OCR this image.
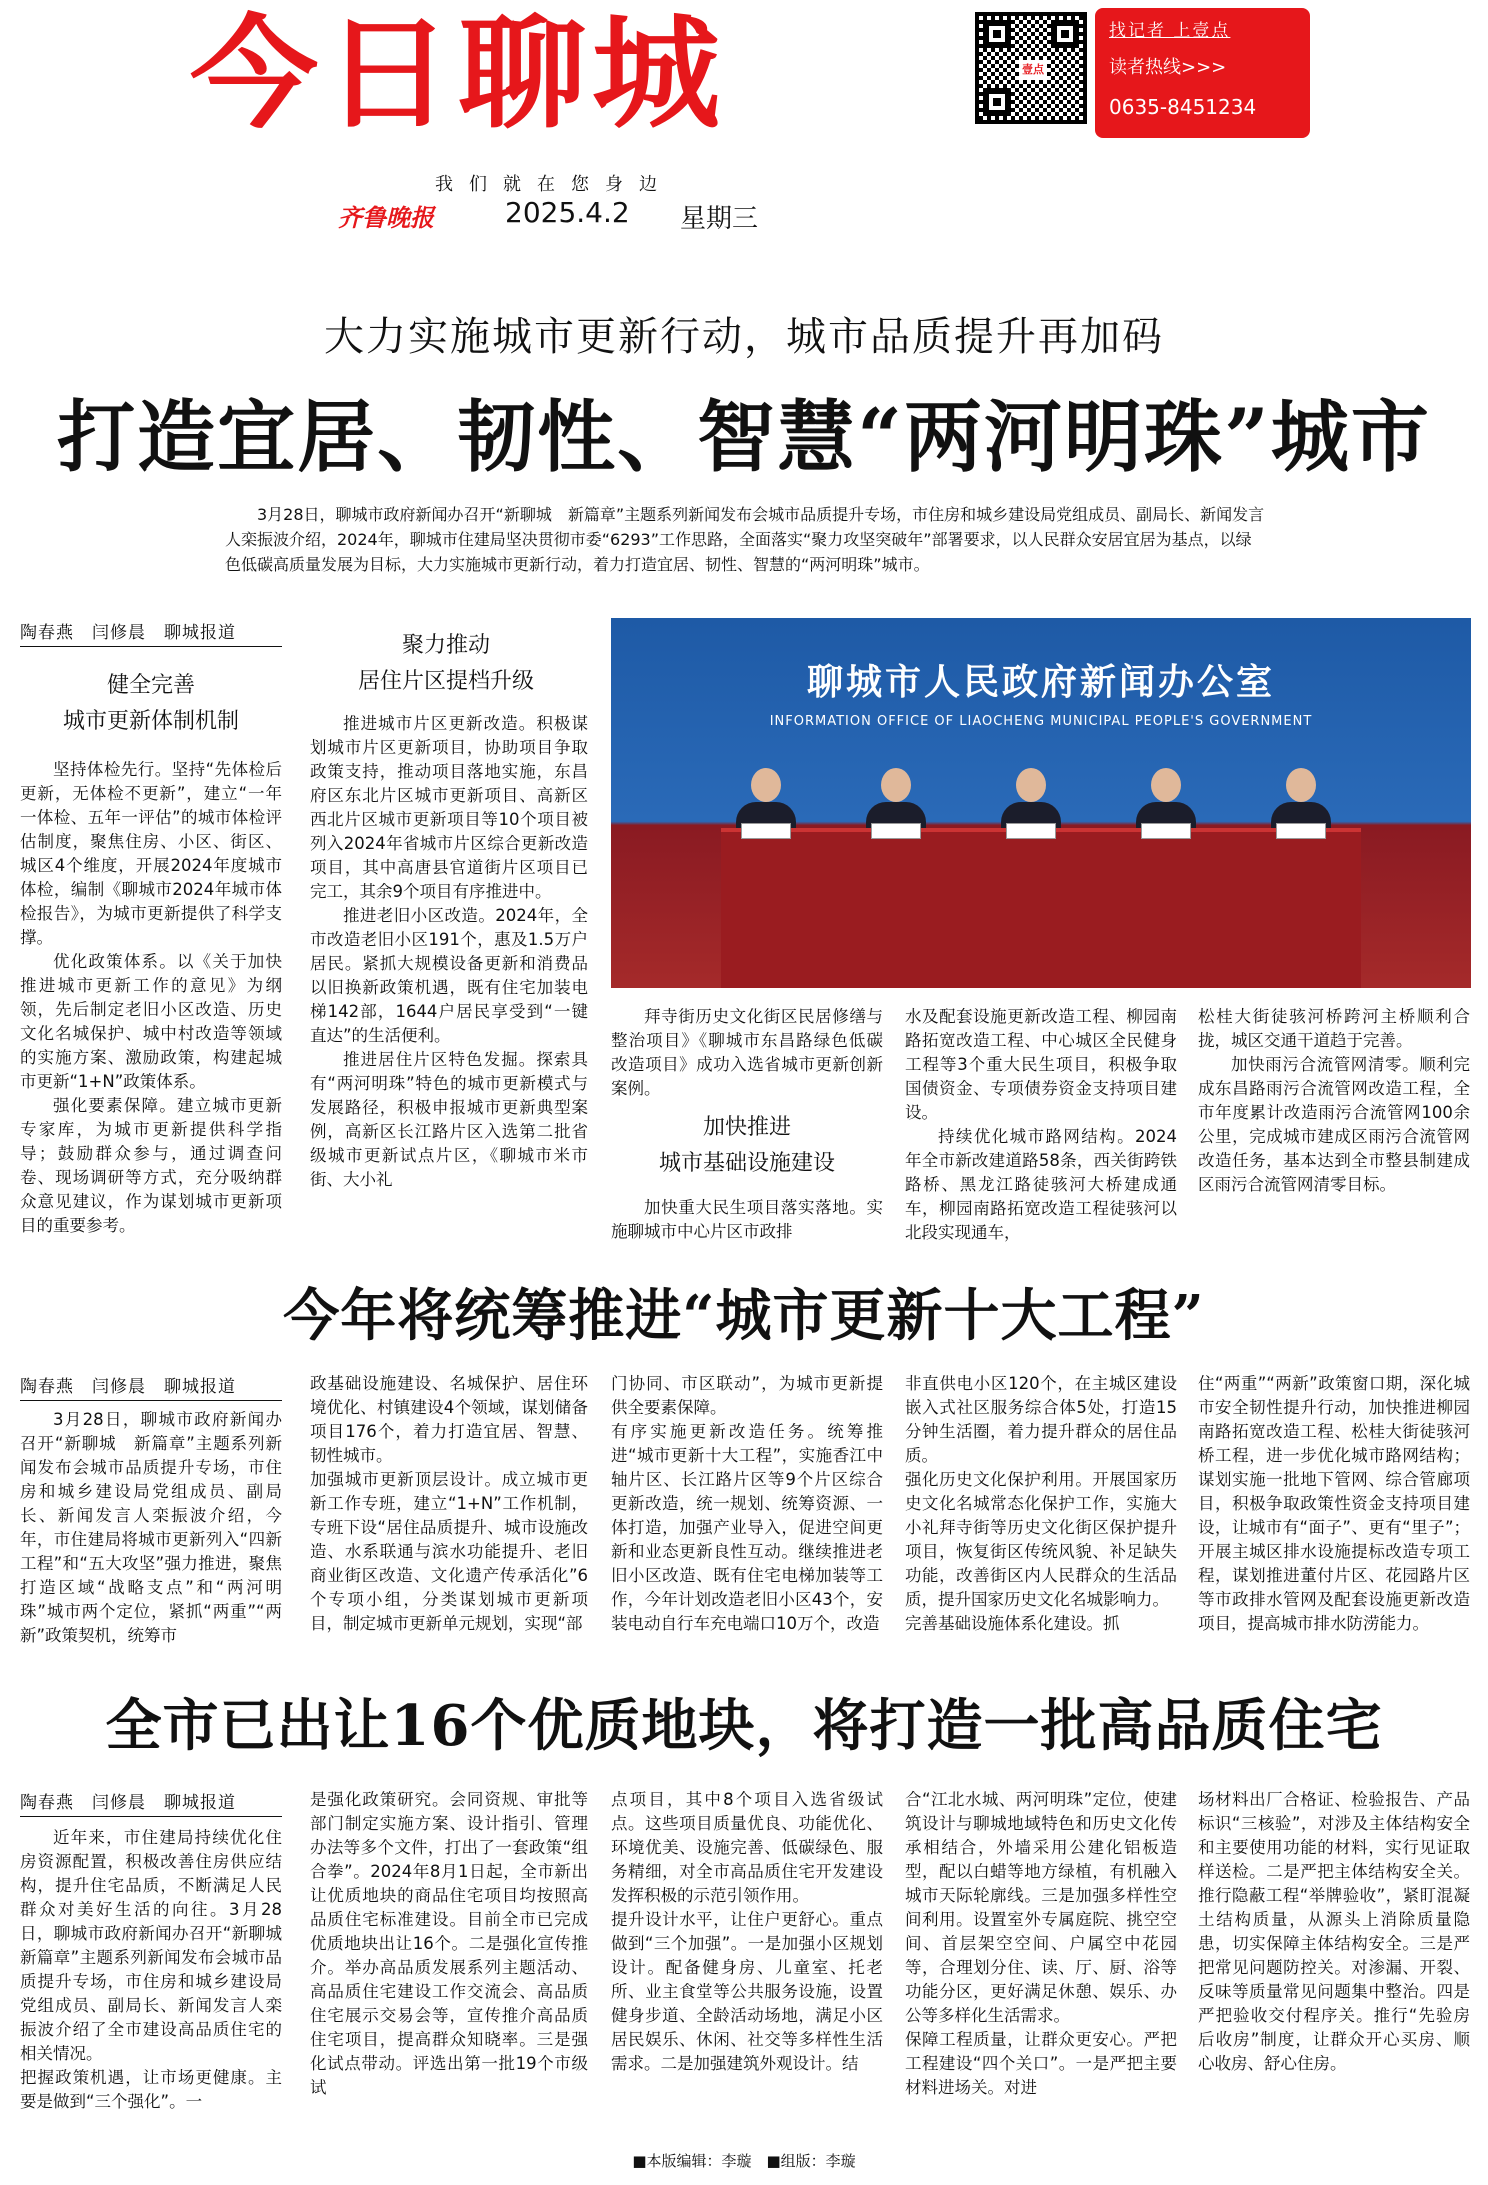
今日聊城	壹点
找记者 上壹点
读者热线>>>
0635-8451234
我们就在您身边
齐鲁晚报	2025.4.2 星期三
大力实施城市更新行动，城市品质提升再加码
打造宜居、韧性、智慧“两河明珠”城市
3月28日，聊城市政府新闻办召开“新聊城　新篇章”主题系列新闻发布会城市品质提升专场，市住房和城乡建设局党组成员、副局长、新闻发言人栾振波介绍，2024年，聊城市住建局坚决贯彻市委“6293”工作思路，全面落实“聚力攻坚突破年”部署要求，以人民群众安居宜居为基点，以绿色低碳高质量发展为目标，大力实施城市更新行动，着力打造宜居、韧性、智慧的“两河明珠”城市。
陶春燕　闫修晨　聊城报道
健全完善
城市更新体制机制

坚持体检先行。坚持“先体检后更新，无体检不更新”，建立“一年一体检、五年一评估”的城市体检评估制度，聚焦住房、小区、街区、城区4个维度，开展2024年度城市体检，编制《聊城市2024年城市体检报告》，为城市更新提供了科学支撑。

优化政策体系。以《关于加快推进城市更新工作的意见》为纲领，先后制定老旧小区改造、历史文化名城保护、城中村改造等领域的实施方案、激励政策，构建起城市更新“1+N”政策体系。

强化要素保障。建立城市更新专家库，为城市更新提供科学指导；鼓励群众参与，通过调查问卷、现场调研等方式，充分吸纳群众意见建议，作为谋划城市更新项目的重要参考。

聚力推动
居住片区提档升级

推进城市片区更新改造。积极谋划城市片区更新项目，协助项目争取政策支持，推动项目落地实施，东昌府区东北片区城市更新项目、高新区西北片区城市更新项目等10个项目被列入2024年省城市片区综合更新改造项目，其中高唐县官道街片区项目已完工，其余9个项目有序推进中。

推进老旧小区改造。2024年，全市改造老旧小区191个，惠及1.5万户居民。紧抓大规模设备更新和消费品以旧换新政策机遇，既有住宅加装电梯142部，1644户居民享受到“一键直达”的生活便利。

推进居住片区特色发掘。探索具有“两河明珠”特色的城市更新模式与发展路径，积极申报城市更新典型案例，高新区长江路片区入选第二批省级城市更新试点片区，《聊城市米市街、大小礼

聊城市人民政府新闻办公室
INFORMATION OFFICE OF LIAOCHENG MUNICIPAL PEOPLE'S GOVERNMENT

拜寺街历史文化街区民居修缮与整治项目》《聊城市东昌路绿色低碳改造项目》成功入选省城市更新创新案例。

加快推进
城市基础设施建设

加快重大民生项目落实落地。实施聊城市中心片区市政排

水及配套设施更新改造工程、柳园南路拓宽改造工程、中心城区全民健身工程等3个重大民生项目，积极争取国债资金、专项债券资金支持项目建设。

持续优化城市路网结构。2024年全市新改建道路58条，西关街跨铁路桥、黑龙江路徒骇河大桥建成通车，柳园南路拓宽改造工程徒骇河以北段实现通车，

松桂大街徒骇河桥跨河主桥顺利合拢，城区交通干道趋于完善。

加快雨污合流管网清零。顺利完成东昌路雨污合流管网改造工程，全市年度累计改造雨污合流管网100余公里，完成城市建成区雨污合流管网改造任务，基本达到全市整县制建成区雨污合流管网清零目标。

今年将统筹推进“城市更新十大工程”
陶春燕　闫修晨　聊城报道

3月28日，聊城市政府新闻办召开“新聊城　新篇章”主题系列新闻发布会城市品质提升专场，市住房和城乡建设局党组成员、副局长、新闻发言人栾振波介绍，今年，市住建局将城市更新列入“四新工程”和“五大攻坚”强力推进，聚焦打造区域“战略支点”和“两河明珠”城市两个定位，紧抓“两重”“两新”政策契机，统筹市

政基础设施建设、名城保护、居住环境优化、村镇建设4个领域，谋划储备项目176个，着力打造宜居、智慧、韧性城市。
加强城市更新顶层设计。成立城市更新工作专班，建立“1+N”工作机制，专班下设“居住品质提升、城市设施改造、水系联通与滨水功能提升、老旧商业街区改造、文化遗产传承活化”6个专项小组，分类谋划城市更新项目，制定城市更新单元规划，实现“部

门协同、市区联动”，为城市更新提供全要素保障。
有序实施更新改造任务。统筹推进“城市更新十大工程”，实施香江中轴片区、长江路片区等9个片区综合更新改造，统一规划、统筹资源、一体打造，加强产业导入，促进空间更新和业态更新良性互动。继续推进老旧小区改造、既有住宅电梯加装等工作，今年计划改造老旧小区43个，安装电动自行车充电端口10万个，改造

非直供电小区120个，在主城区建设嵌入式社区服务综合体5处，打造15分钟生活圈，着力提升群众的居住品质。
强化历史文化保护利用。开展国家历史文化名城常态化保护工作，实施大小礼拜寺街等历史文化街区保护提升项目，恢复街区传统风貌、补足缺失功能，改善街区内人民群众的生活品质，提升国家历史文化名城影响力。
完善基础设施体系化建设。抓

住“两重”“两新”政策窗口期，深化城市安全韧性提升行动，加快推进柳园南路拓宽改造工程、松桂大街徒骇河桥工程，进一步优化城市路网结构；谋划实施一批地下管网、综合管廊项目，积极争取政策性资金支持项目建设，让城市有“面子”、更有“里子”；开展主城区排水设施提标改造专项工程，谋划推进董付片区、花园路片区等市政排水管网及配套设施更新改造项目，提高城市排水防涝能力。

全市已出让16个优质地块，将打造一批高品质住宅
陶春燕　闫修晨　聊城报道

近年来，市住建局持续优化住房资源配置，积极改善住房供应结构，提升住宅品质，不断满足人民群众对美好生活的向往。3月28日，聊城市政府新闻办召开“新聊城　新篇章”主题系列新闻发布会城市品质提升专场，市住房和城乡建设局党组成员、副局长、新闻发言人栾振波介绍了全市建设高品质住宅的相关情况。
把握政策机遇，让市场更健康。主要是做到“三个强化”。一

是强化政策研究。会同资规、审批等部门制定实施方案、设计指引、管理办法等多个文件，打出了一套政策“组合拳”。2024年8月1日起，全市新出让优质地块的商品住宅项目均按照高品质住宅标准建设。目前全市已完成优质地块出让16个。二是强化宣传推介。举办高品质发展系列主题活动、高品质住宅建设工作交流会、高品质住宅展示交易会等，宣传推介高品质住宅项目，提高群众知晓率。三是强化试点带动。评选出第一批19个市级试

点项目，其中8个项目入选省级试点。这些项目质量优良、功能优化、环境优美、设施完善、低碳绿色、服务精细，对全市高品质住宅开发建设发挥积极的示范引领作用。
提升设计水平，让住户更舒心。重点做到“三个加强”。一是加强小区规划设计。配备健身房、儿童室、托老所、业主食堂等公共服务设施，设置健身步道、全龄活动场地，满足小区居民娱乐、休闲、社交等多样性生活需求。二是加强建筑外观设计。结

合“江北水城、两河明珠”定位，使建筑设计与聊城地域特色和历史文化传承相结合，外墙采用公建化铝板造型，配以白蜡等地方绿植，有机融入城市天际轮廓线。三是加强多样性空间利用。设置室外专属庭院、挑空空间、首层架空空间、户属空中花园等，合理划分住、读、厅、厨、浴等功能分区，更好满足休憩、娱乐、办公等多样化生活需求。
保障工程质量，让群众更安心。严把工程建设“四个关口”。一是严把主要材料进场关。对进

场材料出厂合格证、检验报告、产品标识“三核验”，对涉及主体结构安全和主要使用功能的材料，实行见证取样送检。二是严把主体结构安全关。推行隐蔽工程“举牌验收”，紧盯混凝土结构质量，从源头上消除质量隐患，切实保障主体结构安全。三是严把常见问题防控关。对渗漏、开裂、反味等质量常见问题集中整治。四是严把验收交付程序关。推行“先验房后收房”制度，让群众开心买房、顺心收房、舒心住房。

■本版编辑：李璇　■组版：李璇
